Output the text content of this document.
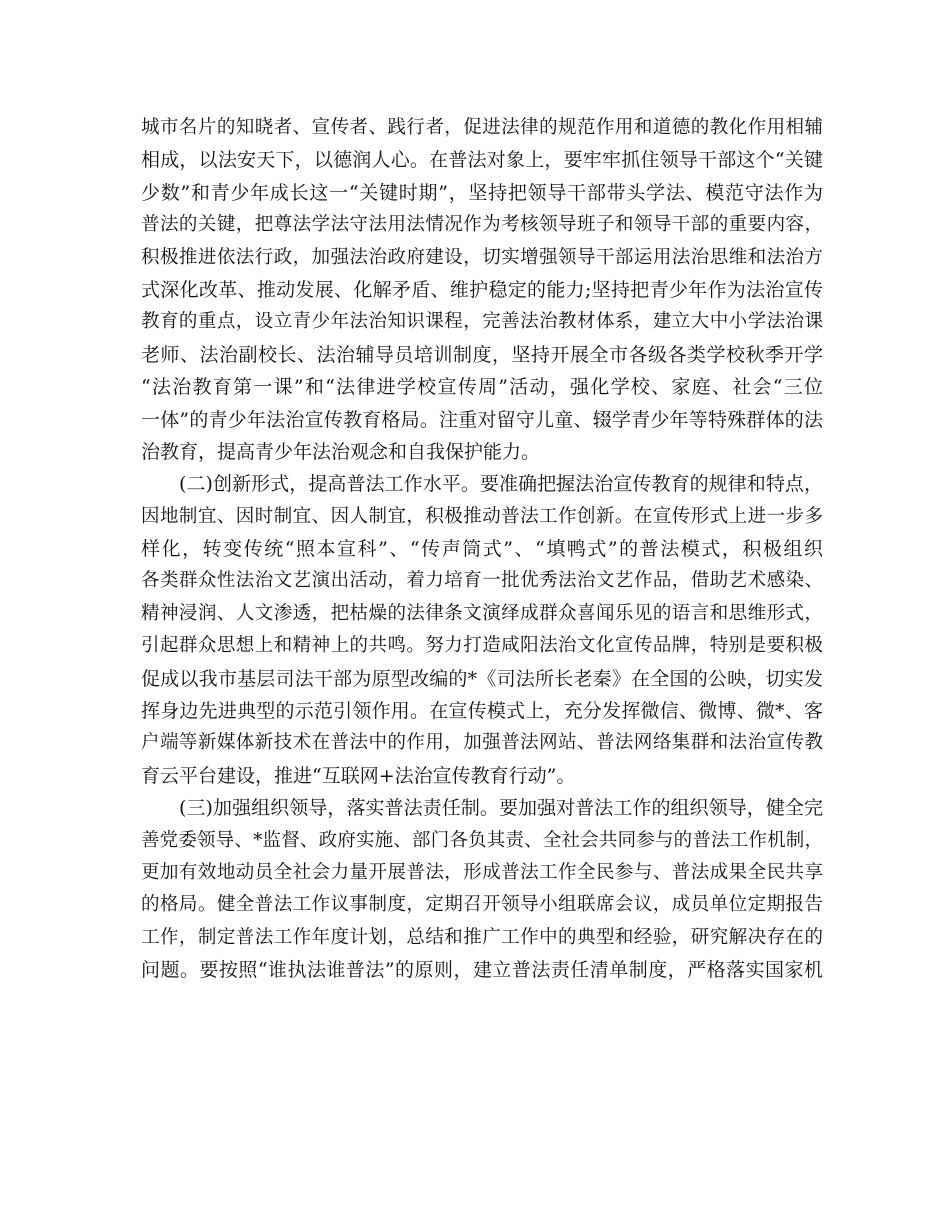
城市名片的知晓者、宣传者、践行者，促进法律的规范作用和道德的教化作用相辅
相成，以法安天下，以德润人心。在普法对象上，要牢牢抓住领导干部这个“关键
少数”和青少年成长这一“关键时期”，坚持把领导干部带头学法、模范守法作为
普法的关键，把尊法学法守法用法情况作为考核领导班子和领导干部的重要内容，
积极推进依法行政，加强法治政府建设，切实增强领导干部运用法治思维和法治方
式深化改革、推动发展、化解矛盾、维护稳定的能力;坚持把青少年作为法治宣传
教育的重点，设立青少年法治知识课程，完善法治教材体系，建立大中小学法治课
老师、法治副校长、法治辅导员培训制度，坚持开展全市各级各类学校秋季开学
“法治教育第一课”和“法律进学校宣传周”活动，强化学校、家庭、社会“三位
一体”的青少年法治宣传教育格局。注重对留守儿童、辍学青少年等特殊群体的法
治教育，提高青少年法治观念和自我保护能力。
(二)创新形式，提高普法工作水平。要准确把握法治宣传教育的规律和特点，
因地制宜、因时制宜、因人制宜，积极推动普法工作创新。在宣传形式上进一步多
样化，转变传统“照本宣科”、“传声筒式”、“填鸭式”的普法模式，积极组织
各类群众性法治文艺演出活动，着力培育一批优秀法治文艺作品，借助艺术感染、
精神浸润、人文渗透，把枯燥的法律条文演绎成群众喜闻乐见的语言和思维形式，
引起群众思想上和精神上的共鸣。努力打造咸阳法治文化宣传品牌，特别是要积极
促成以我市基层司法干部为原型改编的*《司法所长老秦》在全国的公映，切实发
挥身边先进典型的示范引领作用。在宣传模式上，充分发挥微信、微博、微*、客
户端等新媒体新技术在普法中的作用，加强普法网站、普法网络集群和法治宣传教
育云平台建设，推进“互联网+法治宣传教育行动”。
(三)加强组织领导，落实普法责任制。要加强对普法工作的组织领导，健全完
善党委领导、*监督、政府实施、部门各负其责、全社会共同参与的普法工作机制，
更加有效地动员全社会力量开展普法，形成普法工作全民参与、普法成果全民共享
的格局。健全普法工作议事制度，定期召开领导小组联席会议，成员单位定期报告
工作，制定普法工作年度计划，总结和推广工作中的典型和经验，研究解决存在的
问题。要按照“谁执法谁普法”的原则，建立普法责任清单制度，严格落实国家机
